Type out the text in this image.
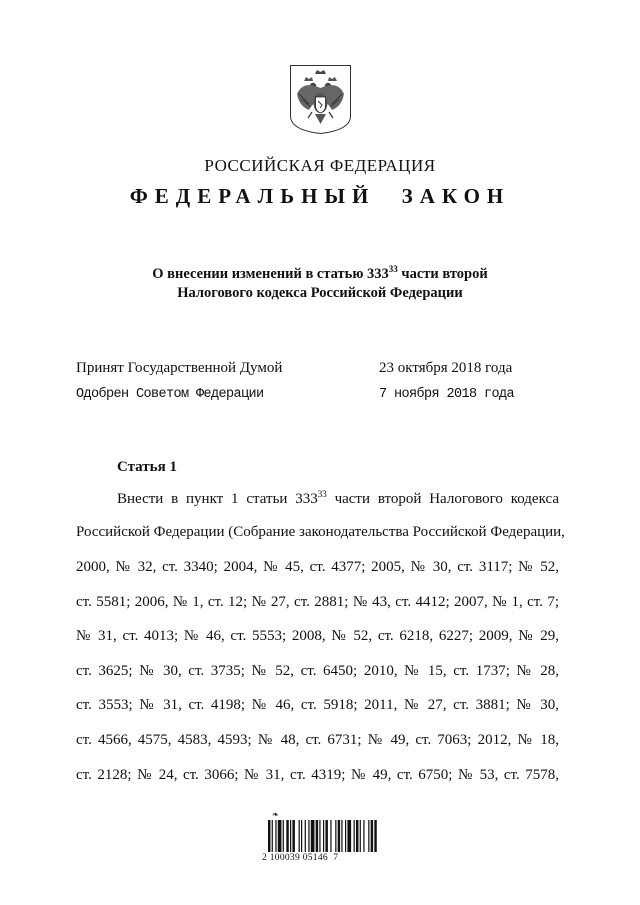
РОССИЙСКАЯ ФЕДЕРАЦИЯ
ФЕДЕРАЛЬНЫЙ ЗАКОН
О внесении изменений в статью $333^{33}$ части второй
Налогового кодекса Российской Федерации
Принят Государственной Думой	23 октября 2018 года
Одобрен Советом Федерации	7 ноября 2018 года
Статья 1
Внести в пункт 1 статьи $333^{33}$ части второй Налогового кодекса
Российской Федерации (Собрание законодательства Российской Федерации,
2000, № 32, ст. 3340; 2004, № 45, ст. 4377; 2005, № 30, ст. 3117; № 52,
ст. 5581; 2006, № 1, ст. 12; № 27, ст. 2881; № 43, ст. 4412; 2007, № 1, ст. 7;
№ 31, ст. 4013; № 46, ст. 5553; 2008, № 52, ст. 6218, 6227; 2009, № 29,
ст. 3625; № 30, ст. 3735; № 52, ст. 6450; 2010, № 15, ст. 1737; № 28,
ст. 3553; № 31, ст. 4198; № 46, ст. 5918; 2011, № 27, ст. 3881; № 30,
ст. 4566, 4575, 4583, 4593; № 48, ст. 6731; № 49, ст. 7063; 2012, № 18,
ст. 2128; № 24, ст. 3066; № 31, ст. 4319; № 49, ст. 6750; № 53, ст. 7578,
❧
2 100039 05146  7
